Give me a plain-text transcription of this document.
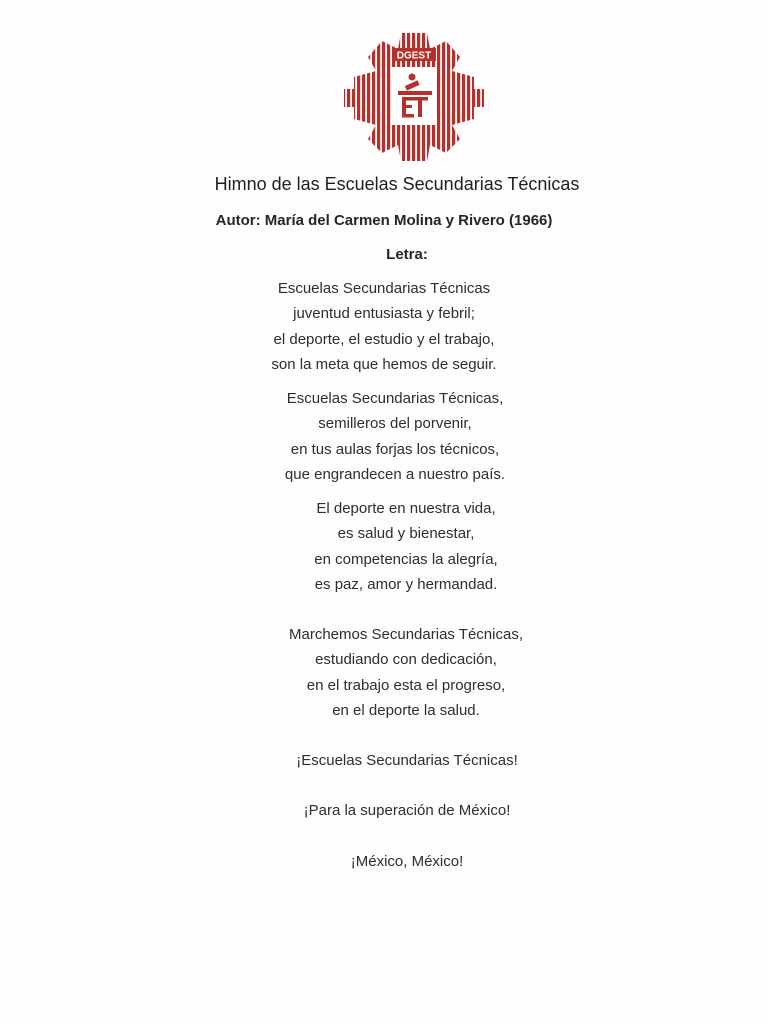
DGEST
Himno de las Escuelas Secundarias Técnicas
Autor: María del Carmen Molina y Rivero (1966)
Letra:
Escuelas Secundarias Técnicas
juventud entusiasta y febril;
el deporte, el estudio y el trabajo,
son la meta que hemos de seguir.
Escuelas Secundarias Técnicas,
semilleros del porvenir,
en tus aulas forjas los técnicos,
que engrandecen a nuestro país.
El deporte en nuestra vida,
es salud y bienestar,
en competencias la alegría,
es paz, amor y hermandad.
Marchemos Secundarias Técnicas,
estudiando con dedicación,
en el trabajo esta el progreso,
en el deporte la salud.
¡Escuelas Secundarias Técnicas!
¡Para la superación de México!
¡México, México!
